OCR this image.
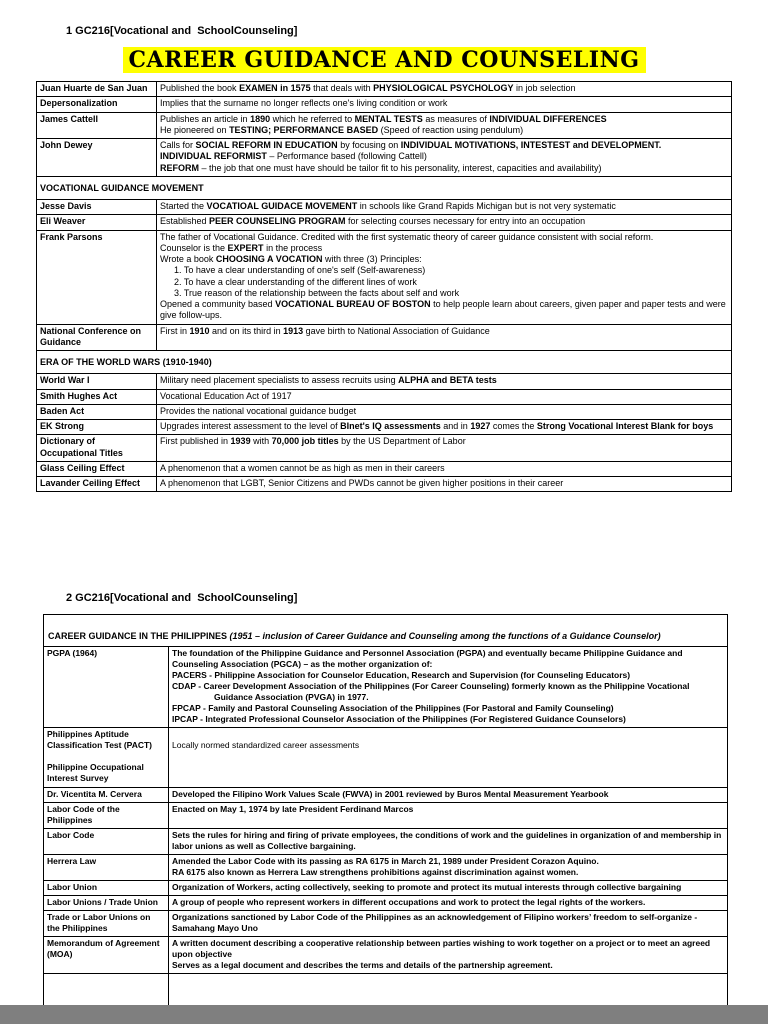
1 GC216[Vocational and  SchoolCounseling]
CAREER GUIDANCE AND COUNSELING
Juan Huarte de San Juan	Published the book EXAMEN in 1575 that deals with PHYSIOLOGICAL PSYCHOLOGY in job selection

Depersonalization	Implies that the surname no longer reflects one's living condition or work

James Cattell	Publishes an article in 1890 which he referred to MENTAL TESTS as measures of INDIVIDUAL DIFFERENCES
He pioneered on TESTING; PERFORMANCE BASED (Speed of reaction using pendulum)

John Dewey	Calls for SOCIAL REFORM IN EDUCATION by focusing on INDIVIDUAL MOTIVATIONS, INTESTEST and DEVELOPMENT.
INDIVIDUAL REFORMIST – Performance based (following Cattell)
REFORM – the job that one must have should be tailor fit to his personality, interest, capacities and availability)

VOCATIONAL GUIDANCE MOVEMENT	

Jesse Davis	Started the VOCATIOAL GUIDACE MOVEMENT in schools like Grand Rapids Michigan but is not very systematic

Eli Weaver	Established PEER COUNSELING PROGRAM for selecting courses necessary for entry into an occupation

Frank Parsons	The father of Vocational Guidance. Credited with the first systematic theory of career guidance consistent with social reform.
Counselor is the EXPERT in the process
Wrote a book CHOOSING A VOCATION with three (3) Principles:
1. To have a clear understanding of one's self (Self-awareness)
2. To have a clear understanding of the different lines of work
3. True reason of the relationship between the facts about self and work
Opened a community based VOCATIONAL BUREAU OF BOSTON to help people learn about careers, given paper and paper tests and were give follow-ups.

National Conference on Guidance	First in 1910 and on its third in 1913 gave birth to National Association of Guidance

ERA OF THE WORLD WARS (1910-1940)	

World War I	Military need placement specialists to assess recruits using ALPHA and BETA tests

Smith Hughes Act	Vocational Education Act of 1917

Baden Act	Provides the national vocational guidance budget

EK Strong	Upgrades interest assessment to the level of BInet's IQ assessments and in 1927 comes the Strong Vocational Interest Blank for boys

Dictionary of Occupational Titles	First published in 1939 with 70,000 job titles by the US Department of Labor

Glass Ceiling Effect	A phenomenon that a women cannot be as high as men in their careers

Lavander Ceiling Effect	A phenomenon that LGBT, Senior Citizens and PWDs cannot be given higher positions in their career
2 GC216[Vocational and  SchoolCounseling]
CAREER GUIDANCE IN THE PHILIPPINES (1951 – inclusion of Career Guidance and Counseling among the functions of a Guidance Counselor)	

PGPA (1964)	The foundation of the Philippine Guidance and Personnel Association (PGPA) and eventually became Philippine Guidance and Counseling Association (PGCA) – as the mother organization of:
PACERS - Philippine Association for Counselor Education, Research and Supervision (for Counseling Educators)
CDAP - Career Development Association of the Philippines (For Career Counseling) formerly known as the Philippine Vocational
Guidance Association (PVGA) in 1977.
FPCAP - Family and Pastoral Counseling Association of the Philippines (For Pastoral and Family Counseling)
IPCAP - Integrated Professional Counselor Association of the Philippines (For Registered Guidance Counselors)

Philippines Aptitude
Classification Test (PACT)

Philippine Occupational
Interest Survey	Locally normed standardized career assessments

Dr. Vicentita M. Cervera	Developed the Filipino Work Values Scale (FWVA) in 2001 reviewed by Buros Mental Measurement Yearbook

Labor Code of the Philippines	Enacted on May 1, 1974 by late President Ferdinand Marcos

Labor Code	Sets the rules for hiring and firing of private employees, the conditions of work and the guidelines in organization of and membership in labor unions as well as Collective bargaining.

Herrera Law	Amended the Labor Code with its passing as RA 6175 in March 21, 1989 under President Corazon Aquino.
RA 6175 also known as Herrera Law strengthens prohibitions against discrimination against women.

Labor Union	Organization of Workers, acting collectively, seeking to promote and protect its mutual interests through collective bargaining

Labor Unions / Trade Union	A group of people who represent workers in different occupations and work to protect the legal rights of the workers.

Trade or Labor Unions on the Philippines	Organizations sanctioned by Labor Code of the Philippines as an acknowledgement of Filipino workers’ freedom to self-organize - Samahang Mayo Uno

Memorandum of Agreement (MOA)	A written document describing a cooperative relationship between parties wishing to work together on a project or to meet an agreed upon objective
Serves as a legal document and describes the terms and details of the partnership agreement.
